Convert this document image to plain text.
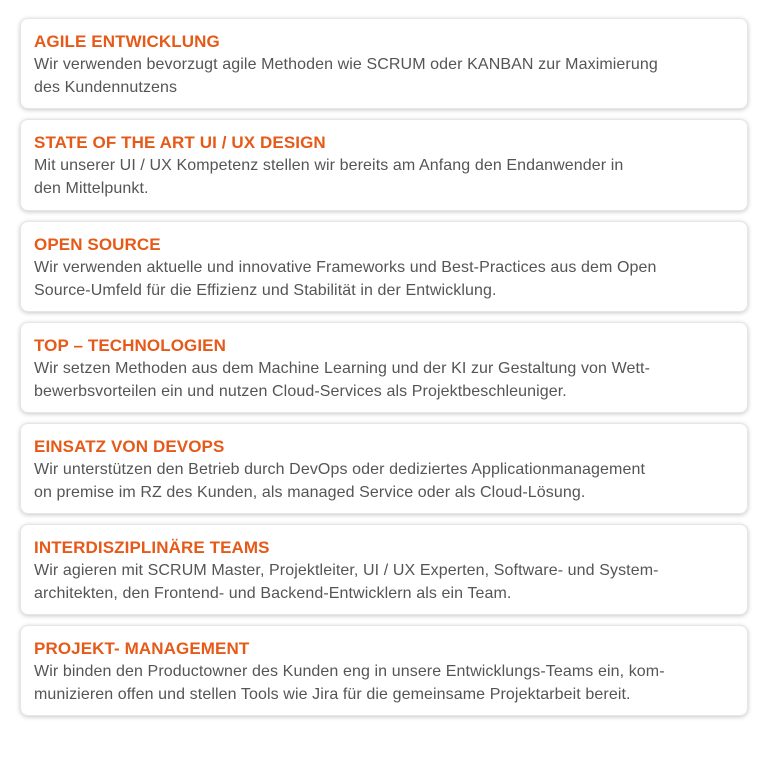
AGILE ENTWICKLUNG
Wir verwenden bevorzugt agile Methoden wie SCRUM oder KANBAN zur Maximierung
des Kundennutzens
STATE OF THE ART UI / UX DESIGN
Mit unserer UI / UX Kompetenz stellen wir bereits am Anfang den Endanwender in
den Mittelpunkt.
OPEN SOURCE
Wir verwenden aktuelle und innovative Frameworks und Best-Practices aus dem Open
Source-Umfeld für die Effizienz und Stabilität in der Entwicklung.
TOP – TECHNOLOGIEN
Wir setzen Methoden aus dem Machine Learning und der KI zur Gestaltung von Wett-
bewerbsvorteilen ein und nutzen Cloud-Services als Projektbeschleuniger.
EINSATZ VON DEVOPS
Wir unterstützen den Betrieb durch DevOps oder dediziertes Applicationmanagement
on premise im RZ des Kunden, als managed Service oder als Cloud-Lösung.
INTERDISZIPLINÄRE TEAMS
Wir agieren mit SCRUM Master, Projektleiter, UI / UX Experten, Software- und System-
architekten, den Frontend- und Backend-Entwicklern als ein Team.
PROJEKT- MANAGEMENT
Wir binden den Productowner des Kunden eng in unsere Entwicklungs-Teams ein, kom-
munizieren offen und stellen Tools wie Jira für die gemeinsame Projektarbeit bereit.
